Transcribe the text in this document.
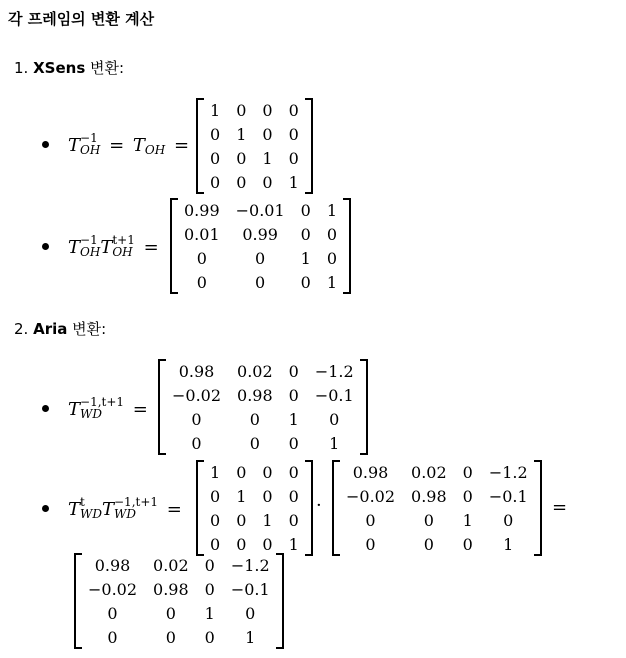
각 프레임의 변환 계산
1. XSens 변환:
T −1
OH = T
OH =
1	0	0	0
0	1	0	0
0	0	1	0
0	0	0	1
T −1
OH T t+1
OH =
0.99	−0.01	0	1
0.01	0.99	0	0
0	0	1	0
0	0	0	1
2. Aria 변환:
T −1,t+1
WD	=
0.98	0.02	0	−1.2
−0.02	0.98	0	−0.1
0	0	1	0
0	0	0	1
T t
WD T −1,t+1
WD	=
1	0	0	0
0	1	0	0
0	0	1	0
0	0	0	1
·
0.98	0.02	0	−1.2
−0.02	0.98	0	−0.1
0	0	1	0
0	0	0	1
=
0.98	0.02	0	−1.2
−0.02	0.98	0	−0.1
0	0	1	0
0	0	0	1
